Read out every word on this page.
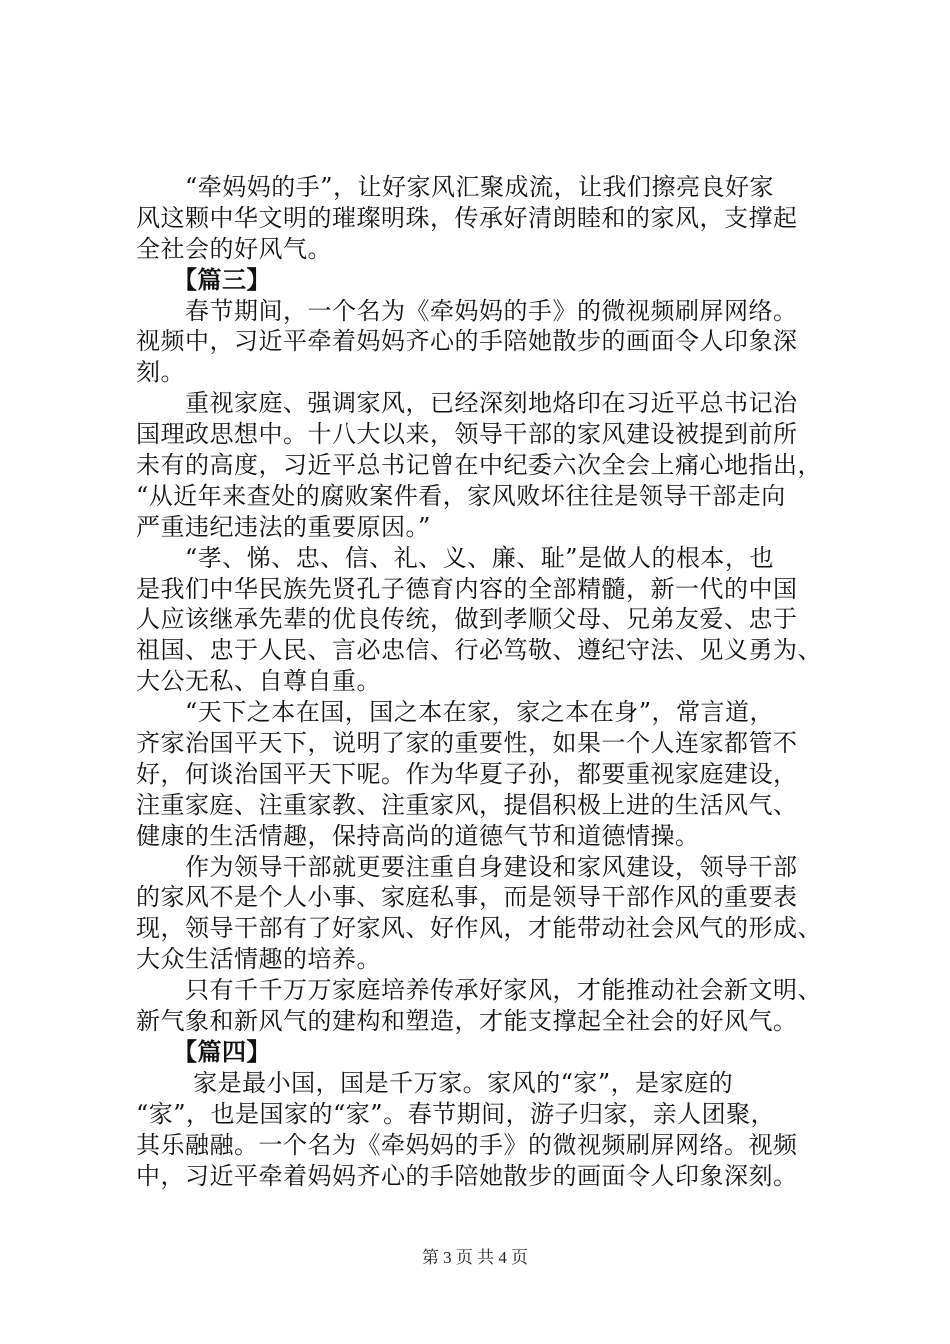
　　“牵妈妈的手”，让好家风汇聚成流，让我们擦亮良好家
风这颗中华文明的璀璨明珠，传承好清朗睦和的家风，支撑起
全社会的好风气。
　　【篇三】
　　春节期间，一个名为《牵妈妈的手》的微视频刷屏网络。
视频中，习近平牵着妈妈齐心的手陪她散步的画面令人印象深
刻。
　　重视家庭、强调家风，已经深刻地烙印在习近平总书记治
国理政思想中。十八大以来，领导干部的家风建设被提到前所
未有的高度，习近平总书记曾在中纪委六次全会上痛心地指出，
“从近年来查处的腐败案件看，家风败坏往往是领导干部走向
严重违纪违法的重要原因。”
　　“孝、悌、忠、信、礼、义、廉、耻”是做人的根本，也
是我们中华民族先贤孔子德育内容的全部精髓，新一代的中国
人应该继承先辈的优良传统，做到孝顺父母、兄弟友爱、忠于
祖国、忠于人民、言必忠信、行必笃敬、遵纪守法、见义勇为、
大公无私、自尊自重。
　　“天下之本在国，国之本在家，家之本在身”，常言道，
齐家治国平天下，说明了家的重要性，如果一个人连家都管不
好，何谈治国平天下呢。作为华夏子孙，都要重视家庭建设，
注重家庭、注重家教、注重家风，提倡积极上进的生活风气、
健康的生活情趣，保持高尚的道德气节和道德情操。
　　作为领导干部就更要注重自身建设和家风建设，领导干部
的家风不是个人小事、家庭私事，而是领导干部作风的重要表
现，领导干部有了好家风、好作风，才能带动社会风气的形成、
大众生活情趣的培养。
　　只有千千万万家庭培养传承好家风，才能推动社会新文明、
新气象和新风气的建构和塑造，才能支撑起全社会的好风气。
　　【篇四】
　　 家是最小国，国是千万家。家风的“家”，是家庭的
“家”，也是国家的“家”。春节期间，游子归家，亲人团聚，
其乐融融。一个名为《牵妈妈的手》的微视频刷屏网络。视频
中，习近平牵着妈妈齐心的手陪她散步的画面令人印象深刻。
第 3 页 共 4 页
